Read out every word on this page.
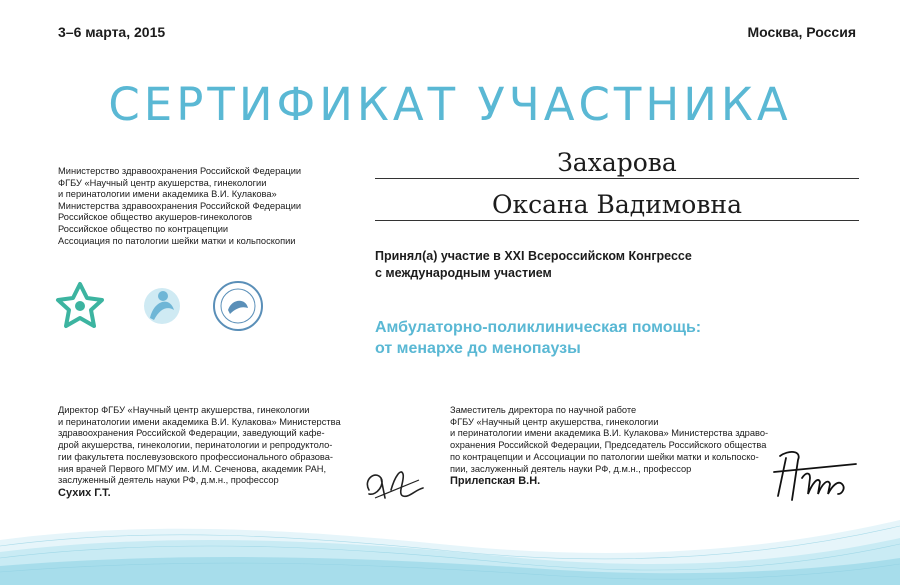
3–6 марта, 2015	Москва, Россия
СЕРТИФИКАТ УЧАСТНИКА
Министерство здравоохранения Российской Федерации
ФГБУ «Научный центр акушерства, гинекологии
и перинатологии имени академика В.И. Кулакова»
Министерства здравоохранения Российской Федерации
Российское общество акушеров-гинекологов
Российское общество по контрацепции
Ассоциация по патологии шейки матки и кольпоскопии
Захарова
Оксана Вадимовна
Принял(а) участие в XXI Всероссийском Конгрессе
с международным участием
Амбулаторно-поликлиническая помощь:
от менархе до менопаузы
Директор ФГБУ «Научный центр акушерства, гинекологии
и перинатологии имени академика В.И. Кулакова» Министерства
здравоохранения Российской Федерации, заведующий кафе-
дрой акушерства, гинекологии, перинатологии и репродуктоло-
гии факультета послевузовского профессионального образова-
ния врачей Первого МГМУ им. И.М. Сеченова, академик РАН,
заслуженный деятель науки РФ, д.м.н., профессор
Сухих Г.Т.
Заместитель директора по научной работе
ФГБУ «Научный центр акушерства, гинекологии
и перинатологии имени академика В.И. Кулакова» Министерства здраво-
охранения Российской Федерации, Председатель Российского общества
по контрацепции и Ассоциации по патологии шейки матки и кольпоско-
пии, заслуженный деятель науки РФ, д.м.н., профессор
Прилепская В.Н.
